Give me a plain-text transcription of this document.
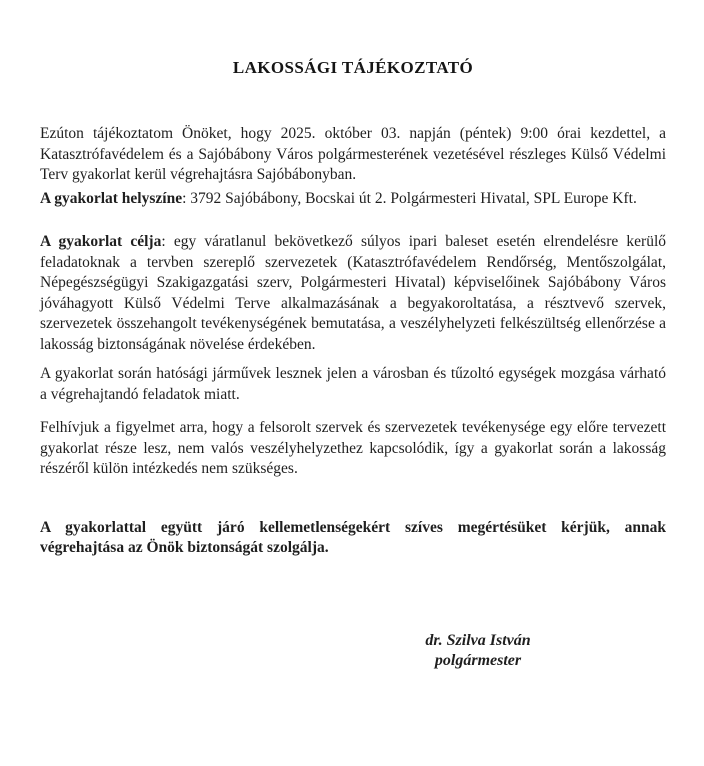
LAKOSSÁGI TÁJÉKOZTATÓ

Ezúton tájékoztatom Önöket, hogy 2025. október 03. napján (péntek) 9:00 órai kezdettel, a Katasztrófavédelem és a Sajóbábony Város polgármesterének vezetésével részleges Külső Védelmi Terv gyakorlat kerül végrehajtásra Sajóbábonyban.

A gyakorlat helyszíne: 3792 Sajóbábony, Bocskai út 2. Polgármesteri Hivatal, SPL Europe Kft.

A gyakorlat célja: egy váratlanul bekövetkező súlyos ipari baleset esetén elrendelésre kerülő feladatoknak a tervben szereplő szervezetek (Katasztrófavédelem Rendőrség, Mentőszolgálat, Népegészségügyi Szakigazgatási szerv, Polgármesteri Hivatal) képviselőinek Sajóbábony Város jóváhagyott Külső Védelmi Terve alkalmazásának a begyakoroltatása, a résztvevő szervek, szervezetek összehangolt tevékenységének bemutatása, a veszélyhelyzeti felkészültség ellenőrzése a lakosság biztonságának növelése érdekében.

A gyakorlat során hatósági járművek lesznek jelen a városban és tűzoltó egységek mozgása várható a végrehajtandó feladatok miatt.

Felhívjuk a figyelmet arra, hogy a felsorolt szervek és szervezetek tevékenysége egy előre tervezett gyakorlat része lesz, nem valós veszélyhelyzethez kapcsolódik, így a gyakorlat során a lakosság részéről külön intézkedés nem szükséges.

A gyakorlattal együtt járó kellemetlenségekért szíves megértésüket kérjük, annak végrehajtása az Önök biztonságát szolgálja.

dr. Szilva István
polgármester
